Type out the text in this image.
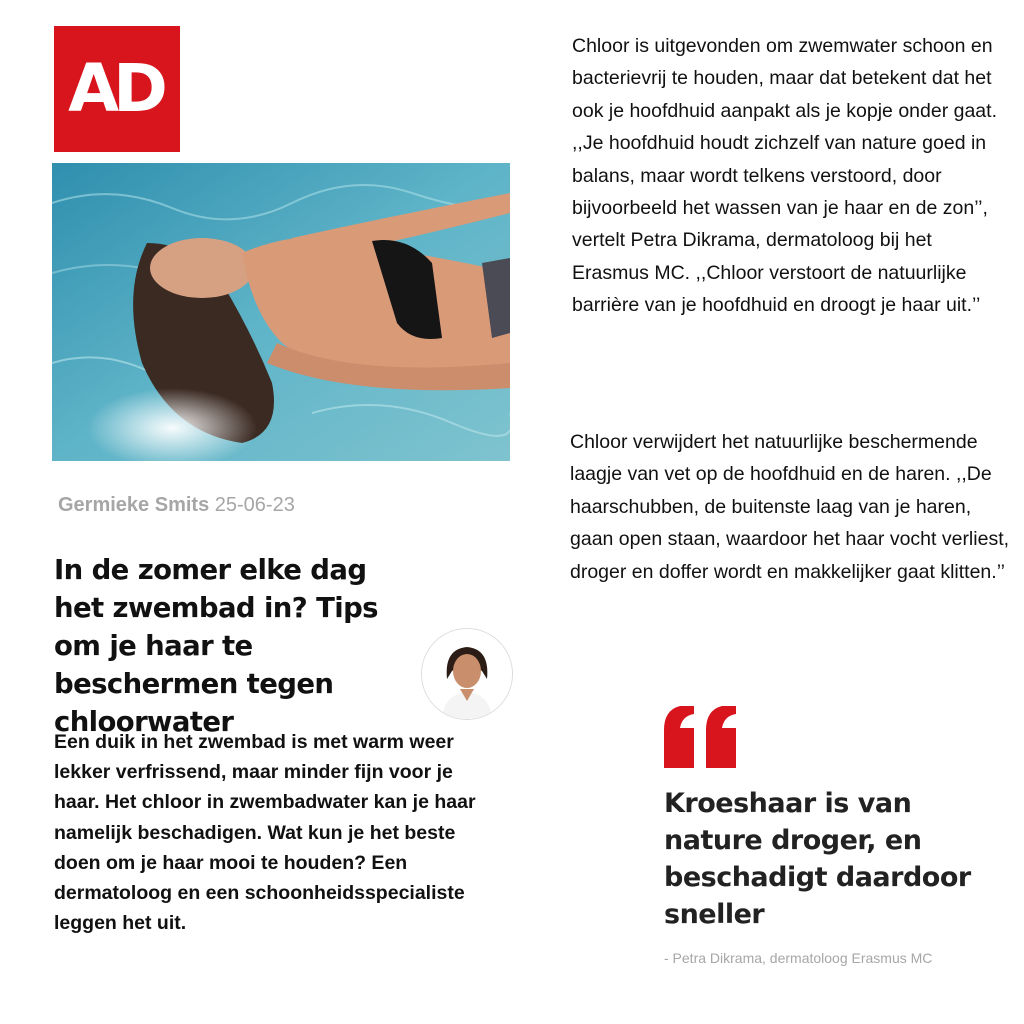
AD
Germieke Smits 25-06-23
In de zomer elke dag het zwembad in? Tips om je haar te beschermen tegen chloorwater

Een duik in het zwembad is met warm weer lekker verfrissend, maar minder fijn voor je haar. Het chloor in zwembadwater kan je haar namelijk beschadigen. Wat kun je het beste doen om je haar mooi te houden? Een dermatoloog en een schoonheidsspecialiste leggen het uit.

Chloor is uitgevonden om zwemwater schoon en bacterievrij te houden, maar dat betekent dat het ook je hoofdhuid aanpakt als je kopje onder gaat. ,,Je hoofdhuid houdt zichzelf van nature goed in balans, maar wordt telkens verstoord, door bijvoorbeeld het wassen van je haar en de zon’’, vertelt Petra Dikrama, dermatoloog bij het Erasmus MC. ,,Chloor verstoort de natuurlijke barrière van je hoofdhuid en droogt je haar uit.’’

Chloor verwijdert het natuurlijke beschermende laagje van vet op de hoofdhuid en de haren. ,,De haarschubben, de buitenste laag van je haren, gaan open staan, waardoor het haar vocht verliest, droger en doffer wordt en makkelijker gaat klitten.’’

Kroeshaar is van nature droger, en beschadigt daardoor sneller

- Petra Dikrama, dermatoloog Erasmus MC
